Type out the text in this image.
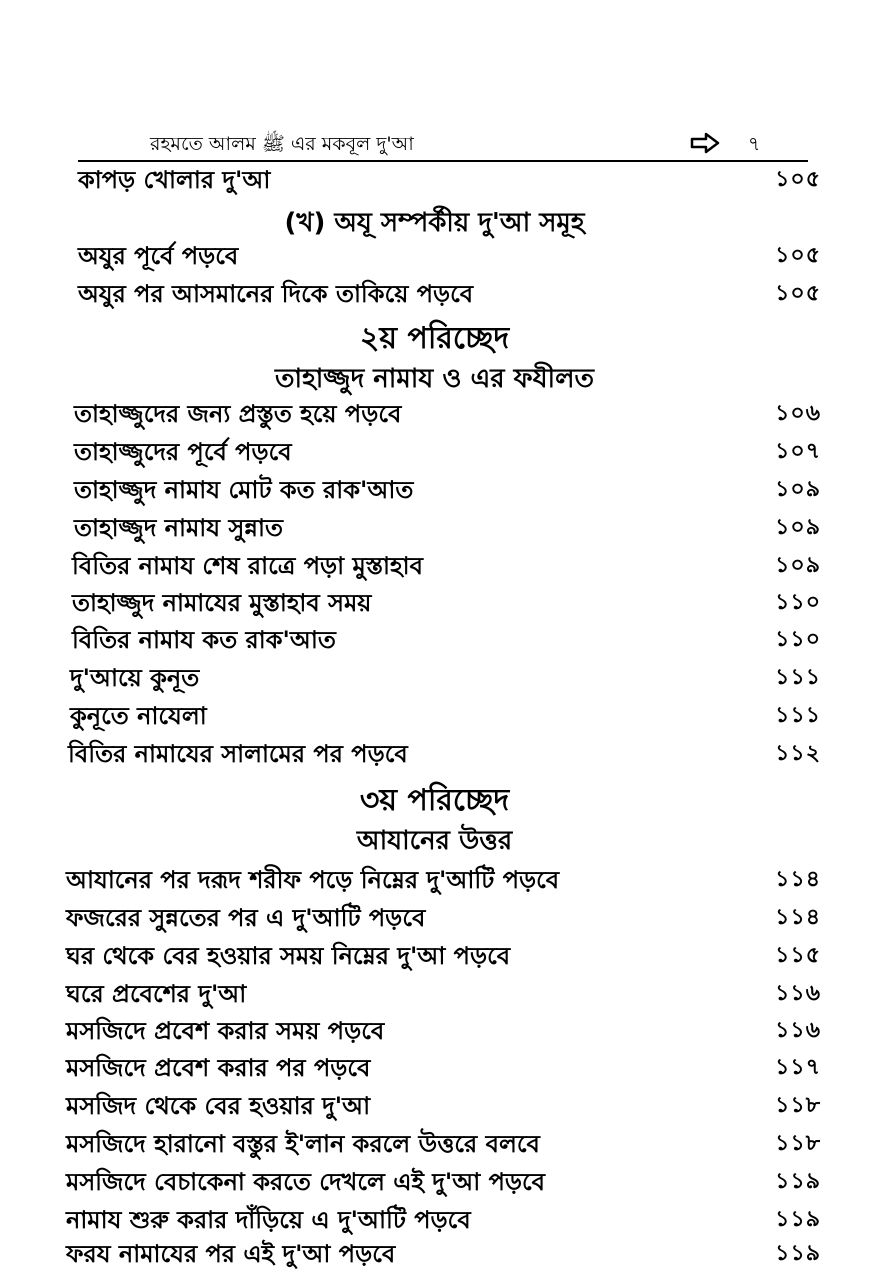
রহমতে আলম ﷺ এর মকবূল দু'আ	৭
কাপড় খোলার দু'আ	১০৫
(খ) অযূ সম্পর্কীয় দু'আ সমূহ
অযুর পূর্বে পড়বে	১০৫
অযুর পর আসমানের দিকে তাকিয়ে পড়বে	১০৫
২য় পরিচ্ছেদ
তাহাজ্জুদ নামায ও এর ফযীলত
তাহাজ্জুদের জন্য প্রস্তুত হয়ে পড়বে	১০৬
তাহাজ্জুদের পূর্বে পড়বে	১০৭
তাহাজ্জুদ নামায মোট কত রাক'আত	১০৯
তাহাজ্জুদ নামায সুন্নাত	১০৯
বিতির নামায শেষ রাত্রে পড়া মুস্তাহাব	১০৯
তাহাজ্জুদ নামাযের মুস্তাহাব সময়	১১০
বিতির নামায কত রাক'আত	১১০
দু'আয়ে কুনূত	১১১
কুনূতে নাযেলা	১১১
বিতির নামাযের সালামের পর পড়বে	১১২
৩য় পরিচ্ছেদ
আযানের উত্তর
আযানের পর দরূদ শরীফ পড়ে নিম্নের দু'আটি পড়বে	১১৪
ফজরের সুন্নতের পর এ দু'আটি পড়বে	১১৪
ঘর থেকে বের হওয়ার সময় নিম্নের দু'আ পড়বে	১১৫
ঘরে প্রবেশের দু'আ	১১৬
মসজিদে প্রবেশ করার সময় পড়বে	১১৬
মসজিদে প্রবেশ করার পর পড়বে	১১৭
মসজিদ থেকে বের হওয়ার দু'আ	১১৮
মসজিদে হারানো বস্তুর ই'লান করলে উত্তরে বলবে	১১৮
মসজিদে বেচাকেনা করতে দেখলে এই দু'আ পড়বে	১১৯
নামায শুরু করার দাঁড়িয়ে এ দু'আটি পড়বে	১১৯
ফরয নামাযের পর এই দু'আ পড়বে	১১৯
